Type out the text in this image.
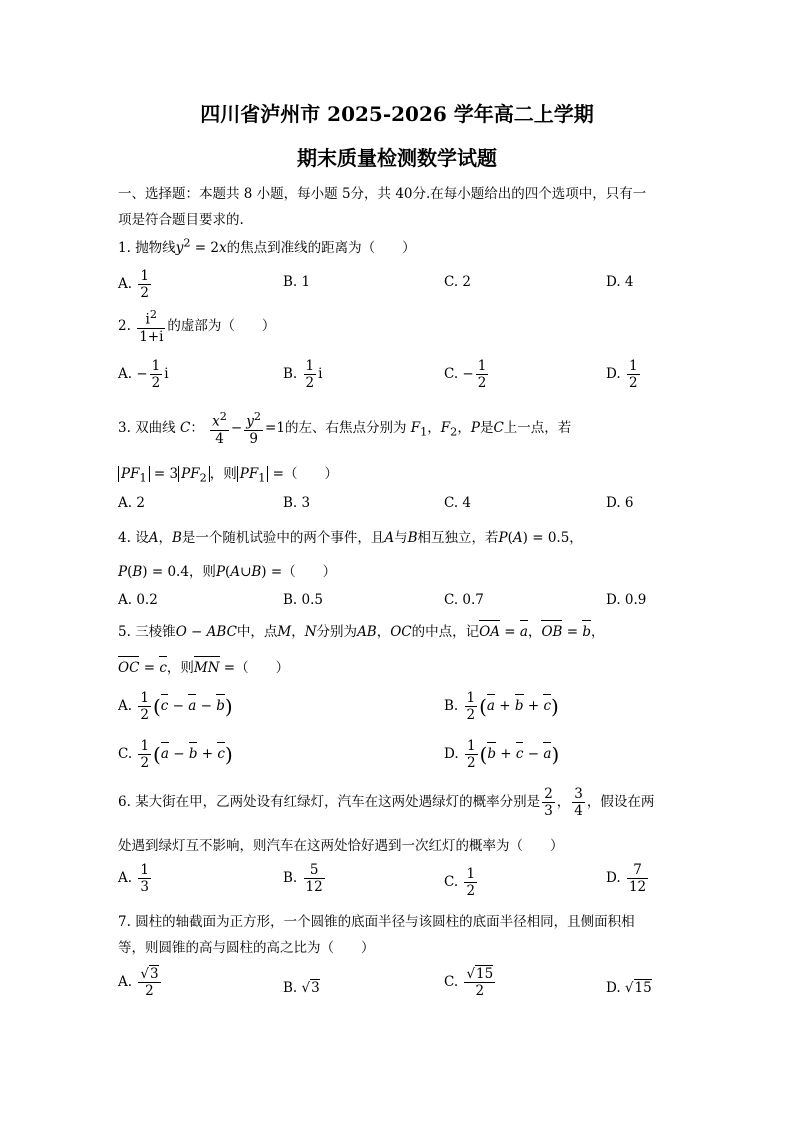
四川省泸州市 2025-2026 学年高二上学期
期末质量检测数学试题
一、选择题：本题共 8 小题，每小题 5分，共 40分.在每小题给出的四个选项中，只有一
项是符合题目要求的.
1. 抛物线$y^2 = 2x$的焦点到准线的距离为（　　）
A. $\frac{1}{2}$	B. 1	C. 2	D. 4
2. $\frac{i^2}{1+i}$ 的虚部为（　　）
A. − $\frac{1}{2}$ i	B. $\frac{1}{2}$ i	C. − $\frac{1}{2}$	D. $\frac{1}{2}$
3. 双曲线 C： $\frac{x^2}{4} - \frac{y^2}{9} =1$的左、右焦点分别为 $F_1$，$F_2$，P是C上一点，若
$PF_1 = 3$ $PF_2$ ，则 $PF_1$ =（　　）
A. 2	B. 3	C. 4	D. 6
4. 设A，B是一个随机试验中的两个事件，且A与B相互独立，若P(A) = 0.5，
P(B) = 0.4，则P(A∪B) =（　　）
A. 0.2	B. 0.5	C. 0.7	D. 0.9
5. 三棱锥O − ABC中，点M，N分别为AB，OC的中点，记OA = a，OB = b，
OC = c，则MN =（　　）
A. $\frac{1}{2} (c - a - b)$	B. $\frac{1}{2} (a + b + c)$
C. $\frac{1}{2} (a - b + c)$	D. $\frac{1}{2} (b + c - a)$
6. 某大街在甲，乙两处设有红绿灯，汽车在这两处遇绿灯的概率分别是 $\frac{2}{3}$ ， $\frac{3}{4}$ ，假设在两
处遇到绿灯互不影响，则汽车在这两处恰好遇到一次红灯的概率为（　　）
A. $\frac{1}{3}$	B. $\frac{5}{12}$	C. $\frac{1}{2}$	D. $\frac{7}{12}$
7. 圆柱的轴截面为正方形，一个圆锥的底面半径与该圆柱的底面半径相同，且侧面积相
等，则圆锥的高与圆柱的高之比为（　　）
A. $\frac{√3}{2}$	B. √3	C. $\frac{√15}{2}$	D. √15
